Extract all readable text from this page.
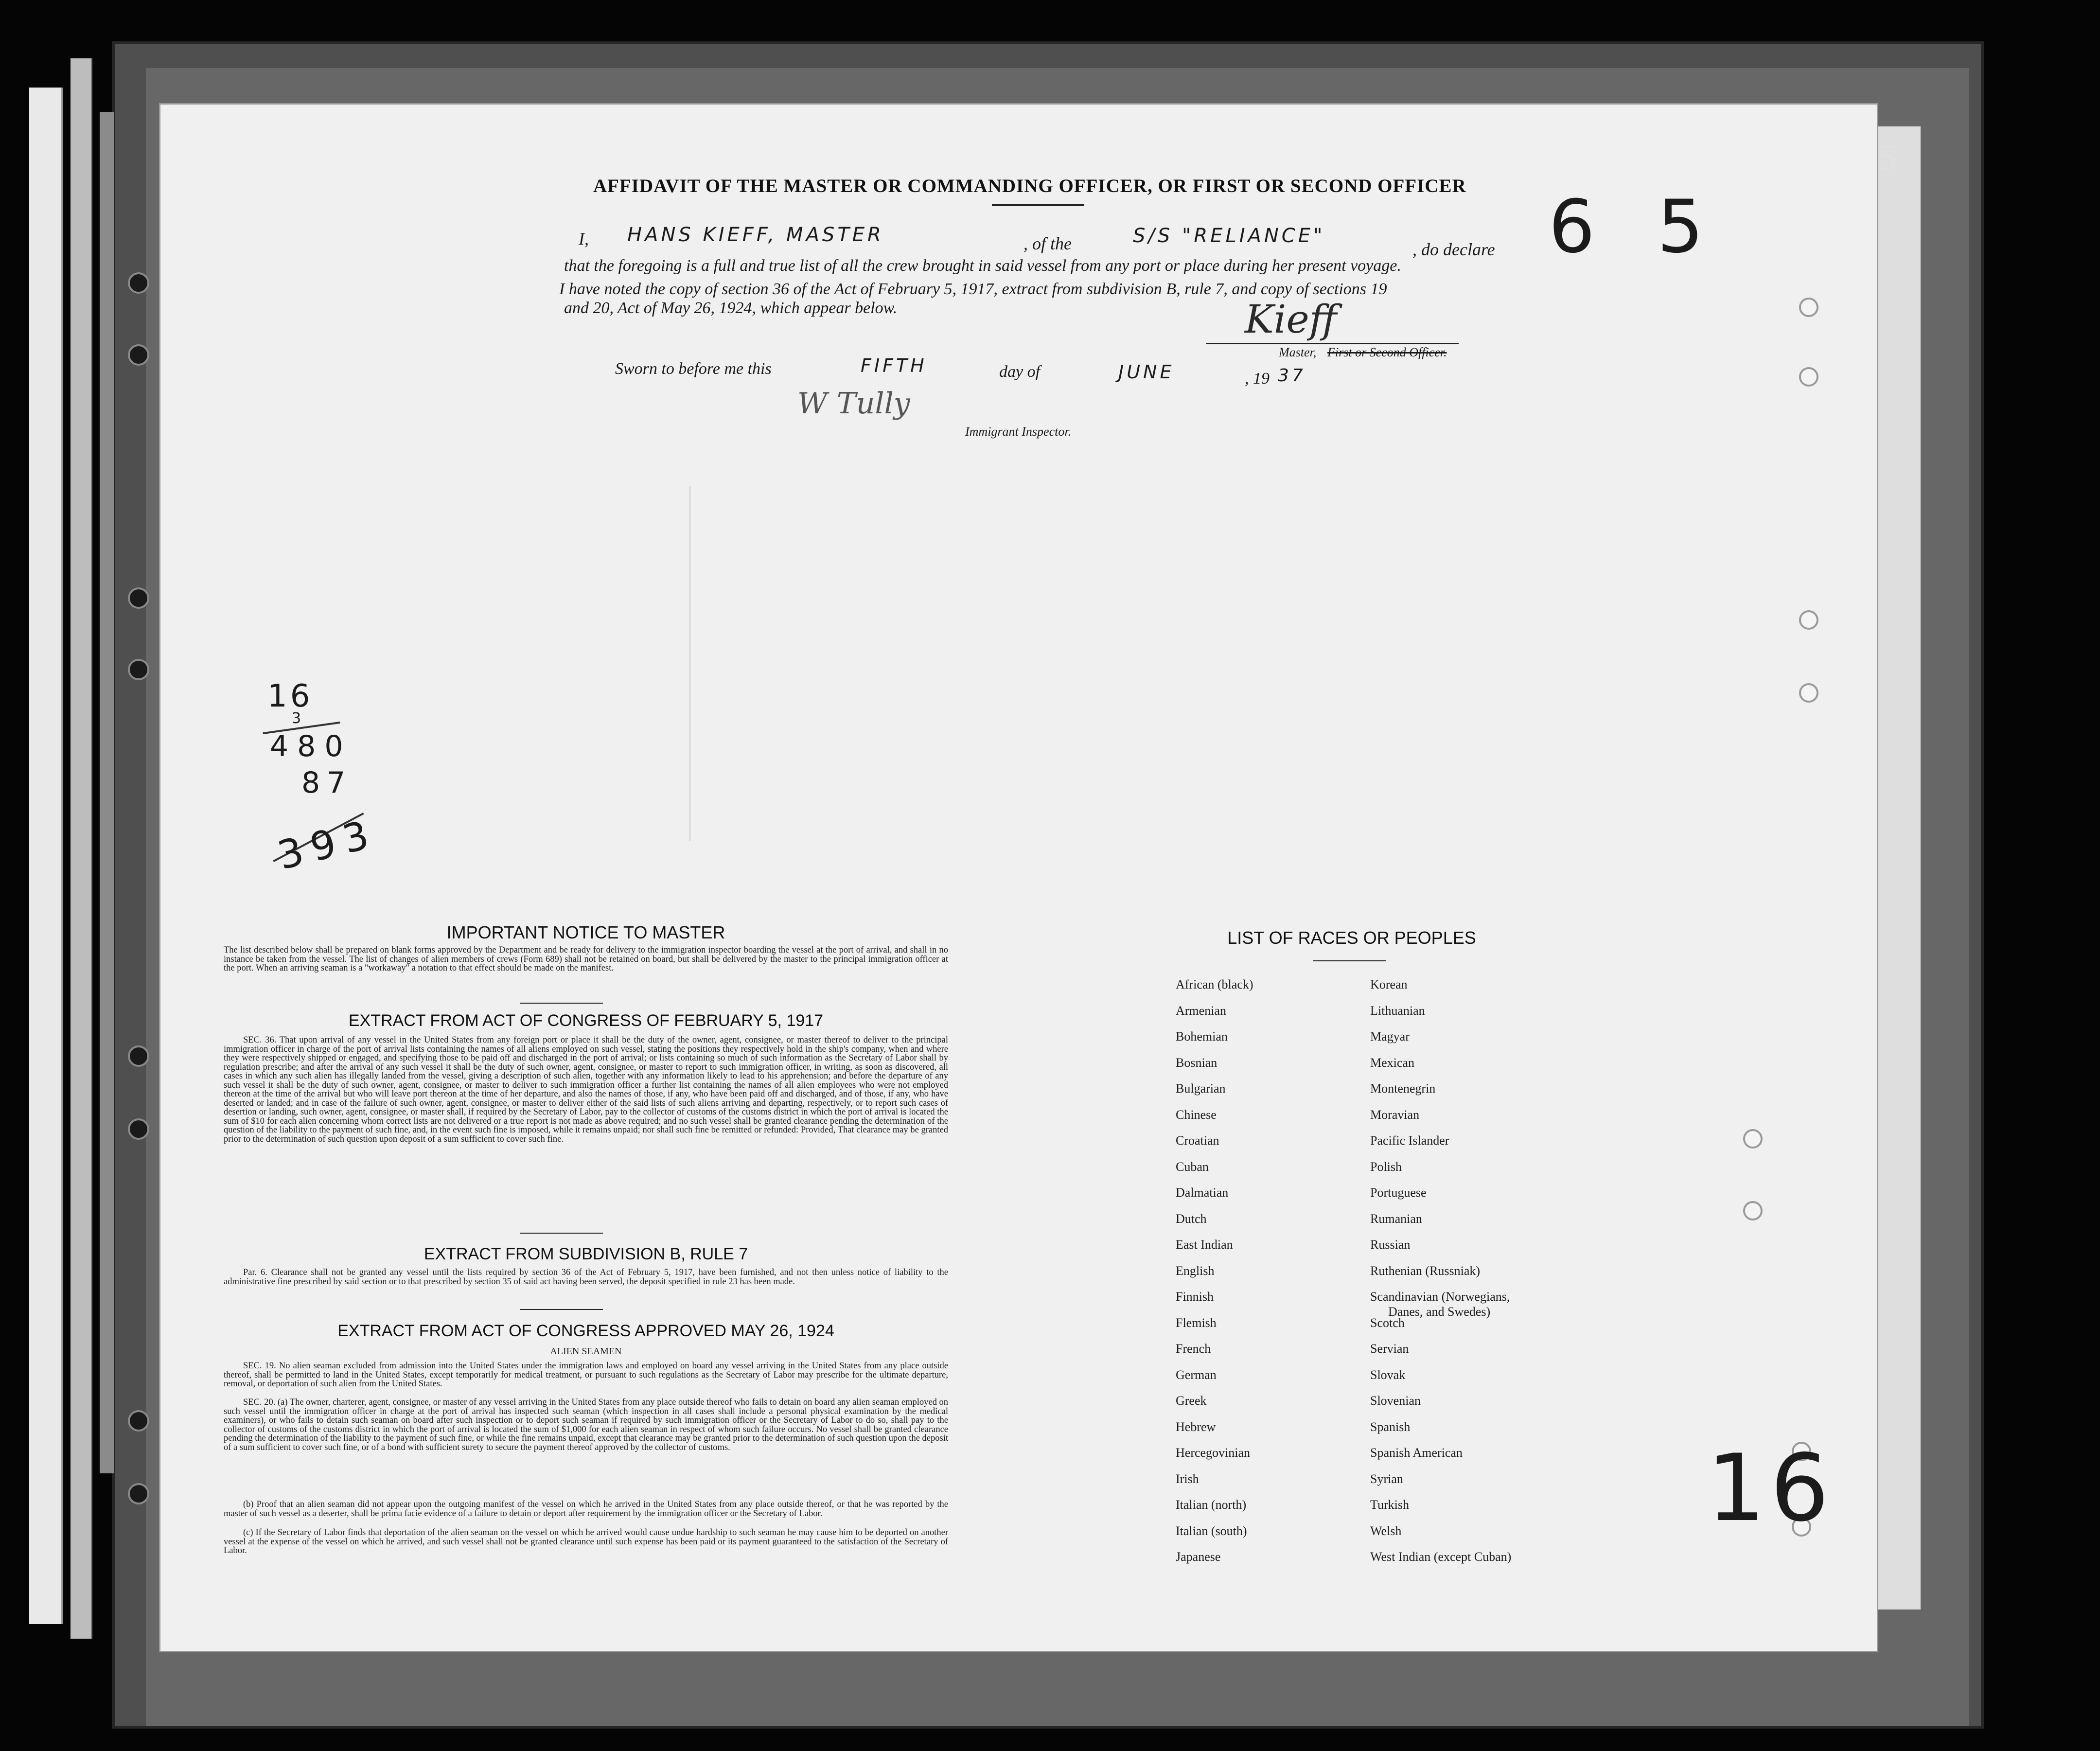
AFFIDAVIT OF THE MASTER OR COMMANDING OFFICER, OR FIRST OR SECOND OFFICER 6 5
5
I, HANS KIEFF, MASTER	, of the	S/S "RELIANCE"
, do declare
that the foregoing is a full and true list of all the crew brought in said vessel from any port or place during her present voyage.
I have noted the copy of section 36 of the Act of February 5, 1917, extract from subdivision B, rule 7, and copy of sections 19
and 20, Act of May 26, 1924, which appear below.	Kieff
Master, First or Second Officer.
Sworn to before me this	FIFTH	day of	JUNE	, 19 37
W Tully
Immigrant Inspector.
16
3
480
87
393
16
IMPORTANT NOTICE TO MASTER
The list described below shall be prepared on blank forms approved by the Department and be ready for delivery to the immigration inspector boarding the vessel at the port of arrival, and shall in no instance be taken from the vessel. The list of changes of alien members of crews (Form 689) shall not be retained on board, but shall be delivered by the master to the principal immigration officer at the port. When an arriving seaman is a "workaway" a notation to that effect should be made on the manifest.
EXTRACT FROM ACT OF CONGRESS OF FEBRUARY 5, 1917
SEC. 36. That upon arrival of any vessel in the United States from any foreign port or place it shall be the duty of the owner, agent, consignee, or master thereof to deliver to the principal immigration officer in charge of the port of arrival lists containing the names of all aliens employed on such vessel, stating the positions they respectively hold in the ship's company, when and where they were respectively shipped or engaged, and specifying those to be paid off and discharged in the port of arrival; or lists containing so much of such information as the Secretary of Labor shall by regulation prescribe; and after the arrival of any such vessel it shall be the duty of such owner, agent, consignee, or master to report to such immigration officer, in writing, as soon as discovered, all cases in which any such alien has illegally landed from the vessel, giving a description of such alien, together with any information likely to lead to his apprehension; and before the departure of any such vessel it shall be the duty of such owner, agent, consignee, or master to deliver to such immigration officer a further list containing the names of all alien employees who were not employed thereon at the time of the arrival but who will leave port thereon at the time of her departure, and also the names of those, if any, who have been paid off and discharged, and of those, if any, who have deserted or landed; and in case of the failure of such owner, agent, consignee, or master to deliver either of the said lists of such aliens arriving and departing, respectively, or to report such cases of desertion or landing, such owner, agent, consignee, or master shall, if required by the Secretary of Labor, pay to the collector of customs of the customs district in which the port of arrival is located the sum of $10 for each alien concerning whom correct lists are not delivered or a true report is not made as above required; and no such vessel shall be granted clearance pending the determination of the question of the liability to the payment of such fine, and, in the event such fine is imposed, while it remains unpaid; nor shall such fine be remitted or refunded: Provided, That clearance may be granted prior to the determination of such question upon deposit of a sum sufficient to cover such fine.
EXTRACT FROM SUBDIVISION B, RULE 7
Par. 6. Clearance shall not be granted any vessel until the lists required by section 36 of the Act of February 5, 1917, have been furnished, and not then unless notice of liability to the administrative fine prescribed by said section or to that prescribed by section 35 of said act having been served, the deposit specified in rule 23 has been made.
EXTRACT FROM ACT OF CONGRESS APPROVED MAY 26, 1924
ALIEN SEAMEN
SEC. 19. No alien seaman excluded from admission into the United States under the immigration laws and employed on board any vessel arriving in the United States from any place outside thereof, shall be permitted to land in the United States, except temporarily for medical treatment, or pursuant to such regulations as the Secretary of Labor may prescribe for the ultimate departure, removal, or deportation of such alien from the United States.
SEC. 20. (a) The owner, charterer, agent, consignee, or master of any vessel arriving in the United States from any place outside thereof who fails to detain on board any alien seaman employed on such vessel until the immigration officer in charge at the port of arrival has inspected such seaman (which inspection in all cases shall include a personal physical examination by the medical examiners), or who fails to detain such seaman on board after such inspection or to deport such seaman if required by such immigration officer or the Secretary of Labor to do so, shall pay to the collector of customs of the customs district in which the port of arrival is located the sum of $1,000 for each alien seaman in respect of whom such failure occurs. No vessel shall be granted clearance pending the determination of the liability to the payment of such fine, or while the fine remains unpaid, except that clearance may be granted prior to the determination of such question upon the deposit of a sum sufficient to cover such fine, or of a bond with sufficient surety to secure the payment thereof approved by the collector of customs.
(b) Proof that an alien seaman did not appear upon the outgoing manifest of the vessel on which he arrived in the United States from any place outside thereof, or that he was reported by the master of such vessel as a deserter, shall be prima facie evidence of a failure to detain or deport after requirement by the immigration officer or the Secretary of Labor.
(c) If the Secretary of Labor finds that deportation of the alien seaman on the vessel on which he arrived would cause undue hardship to such seaman he may cause him to be deported on another vessel at the expense of the vessel on which he arrived, and such vessel shall not be granted clearance until such expense has been paid or its payment guaranteed to the satisfaction of the Secretary of Labor.
LIST OF RACES OR PEOPLES
African (black)
Armenian
Bohemian
Bosnian
Bulgarian
Chinese
Croatian
Cuban
Dalmatian
Dutch
East Indian
English
Finnish
Flemish
French
German
Greek
Hebrew
Hercegovinian
Irish
Italian (north)
Italian (south)
Japanese
Korean
Lithuanian
Magyar
Mexican
Montenegrin
Moravian
Pacific Islander
Polish
Portuguese
Rumanian
Russian
Ruthenian (Russniak)
Scandinavian (Norwegians,
Scotch
Servian
Slovak
Slovenian
Spanish
Spanish American
Syrian
Turkish
Welsh
West Indian (except Cuban)
Danes, and Swedes)
